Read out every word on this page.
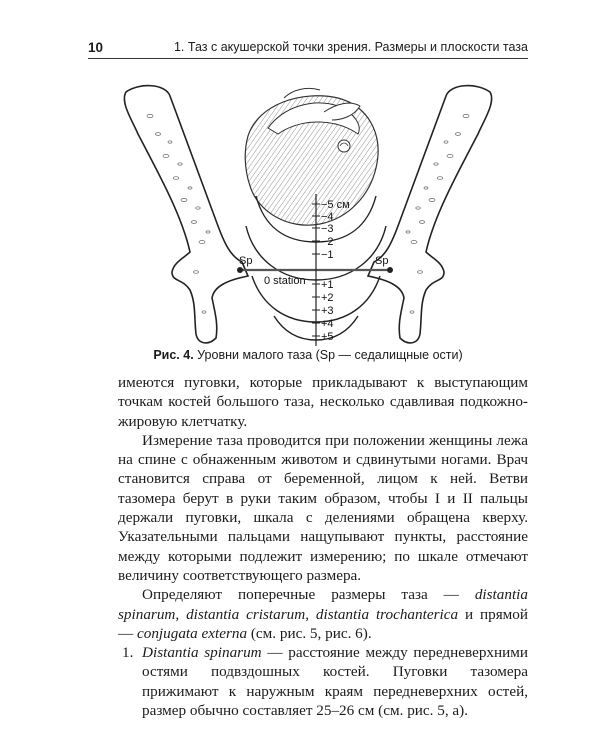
10	1. Таз с акушерской точки зрения. Размеры и плоскости таза
−5 см
−4
−3
−2
−1
+1
+2
+3
+4
+5
Sp	Sp
0 station
Рис. 4. Уровни малого таза (Sp — седалищные ости)

имеются пуговки, которые прикладывают к выступающим точкам костей большого таза, несколько сдавливая подкожно-жировую клетчатку.

Измерение таза проводится при положении женщины лежа на спине с обнаженным животом и сдвинутыми ногами. Врач становится справа от беременной, лицом к ней. Ветви тазомера берут в руки таким образом, чтобы I и II пальцы держали пуговки, шкала с делениями обращена кверху. Указательными пальцами нащупывают пункты, расстояние между которыми подлежит измерению; по шкале отмечают величину соответствующего размера.

Определяют поперечные размеры таза — distantia spinarum, distantia cristarum, distantia trochanterica и прямой — conjugata externa (см. рис. 5, рис. 6).

1. Distantia spinarum — расстояние между передневерхними остями подвздошных костей. Пуговки тазомера прижимают к наружным краям передневерхних остей, размер обычно составляет 25–26 см (см. рис. 5, а).
